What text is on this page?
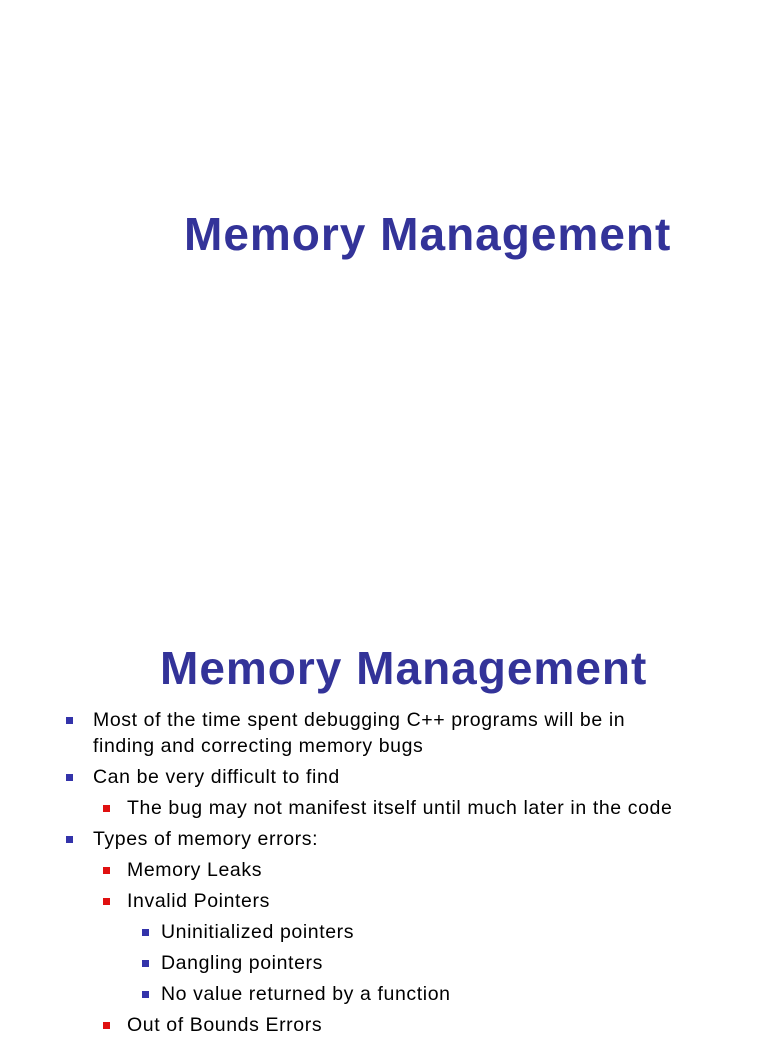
Memory Management
Memory Management
Most of the time spent debugging C++ programs will be in
finding and correcting memory bugs
Can be very difficult to find
The bug may not manifest itself until much later in the code
Types of memory errors:
Memory Leaks
Invalid Pointers
Uninitialized pointers
Dangling pointers
No value returned by a function
Out of Bounds Errors
